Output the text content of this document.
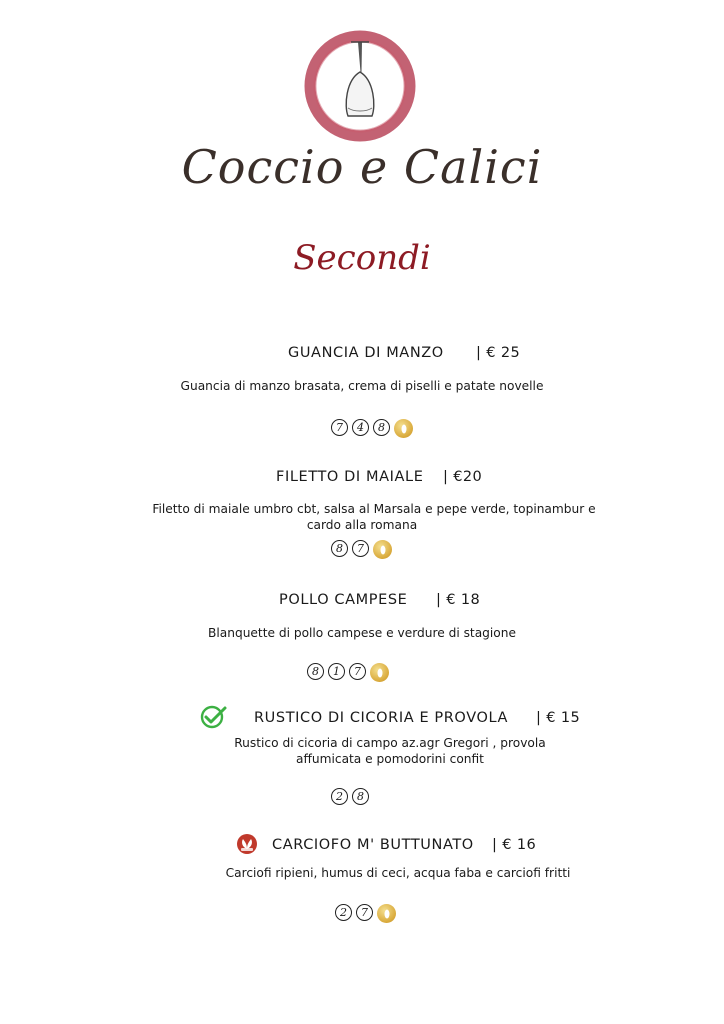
Coccio e Calici
Secondi
GUANCIA DI MANZO | € 25
Guancia di manzo brasata, crema di piselli e patate novelle
7	4	8
FILETTO DI MAIALE | €20
Filetto di maiale umbro cbt, salsa al Marsala e pepe verde, topinambur e
cardo alla romana
8	7
POLLO CAMPESE | € 18
Blanquette di pollo campese e verdure di stagione
8	1	7
RUSTICO DI CICORIA E PROVOLA | € 15
Rustico di cicoria di campo az.agr Gregori , provola
affumicata e pomodorini confit
2	8
CARCIOFO M' BUTTUNATO | € 16
Carciofi ripieni, humus di ceci, acqua faba e carciofi fritti
2	7
